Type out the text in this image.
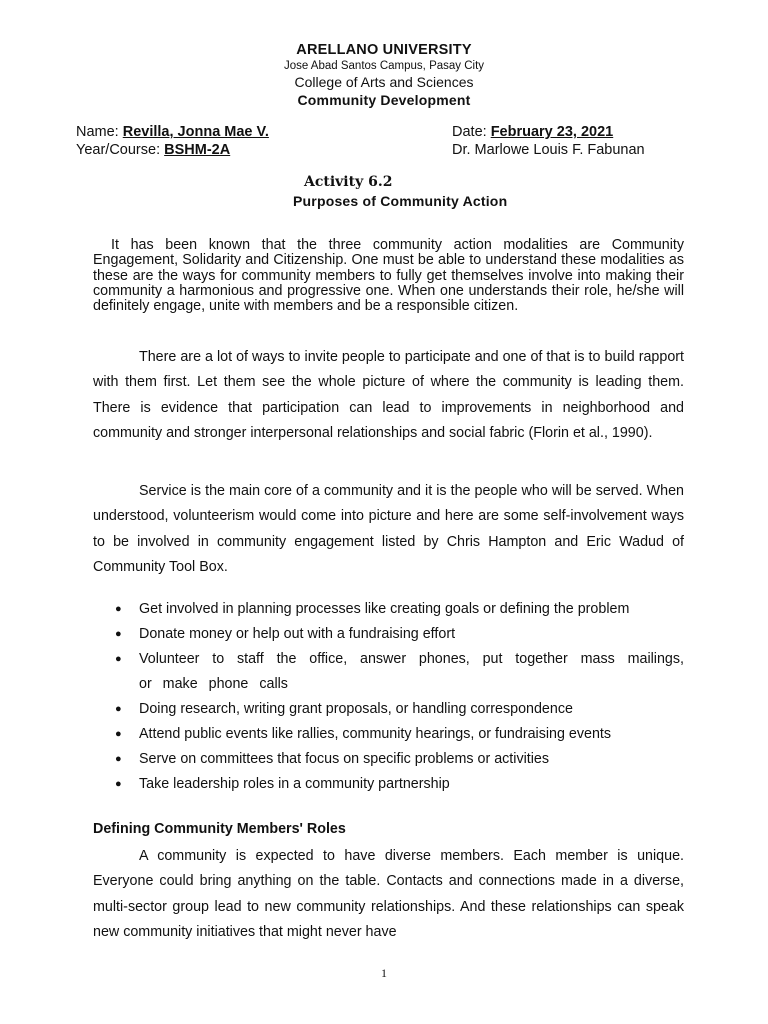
ARELLANO UNIVERSITY
Jose Abad Santos Campus, Pasay City
College of Arts and Sciences
Community Development
Name: Revilla, Jonna Mae V.
Year/Course: BSHM-2A
Date: February 23, 2021
Dr. Marlowe Louis F. Fabunan
Activity 6.2
Purposes of Community Action

It has been known that the three community action modalities are Community Engagement, Solidarity and Citizenship. One must be able to understand these modalities as these are the ways for community members to fully get themselves involve into making their community a harmonious and progressive one. When one understands their role, he/she will definitely engage, unite with members and be a responsible citizen.

There are a lot of ways to invite people to participate and one of that is to build rapport with them first. Let them see the whole picture of where the community is leading them. There is evidence that participation can lead to improvements in neighborhood and community and stronger interpersonal relationships and social fabric (Florin et al., 1990).

Service is the main core of a community and it is the people who will be served. When understood, volunteerism would come into picture and here are some self-involvement ways to be involved in community engagement listed by Chris Hampton and Eric Wadud of Community Tool Box.

● Get involved in planning processes like creating goals or defining the problem
● Donate money or help out with a fundraising effort
● Volunteer to staff the office, answer phones, put together mass mailings, or make phone calls
● Doing research, writing grant proposals, or handling correspondence
● Attend public events like rallies, community hearings, or fundraising events
● Serve on committees that focus on specific problems or activities
● Take leadership roles in a community partnership
Defining Community Members' Roles

A community is expected to have diverse members. Each member is unique. Everyone could bring anything on the table. Contacts and connections made in a diverse, multi-sector group lead to new community relationships. And these relationships can speak new community initiatives that might never have

1
